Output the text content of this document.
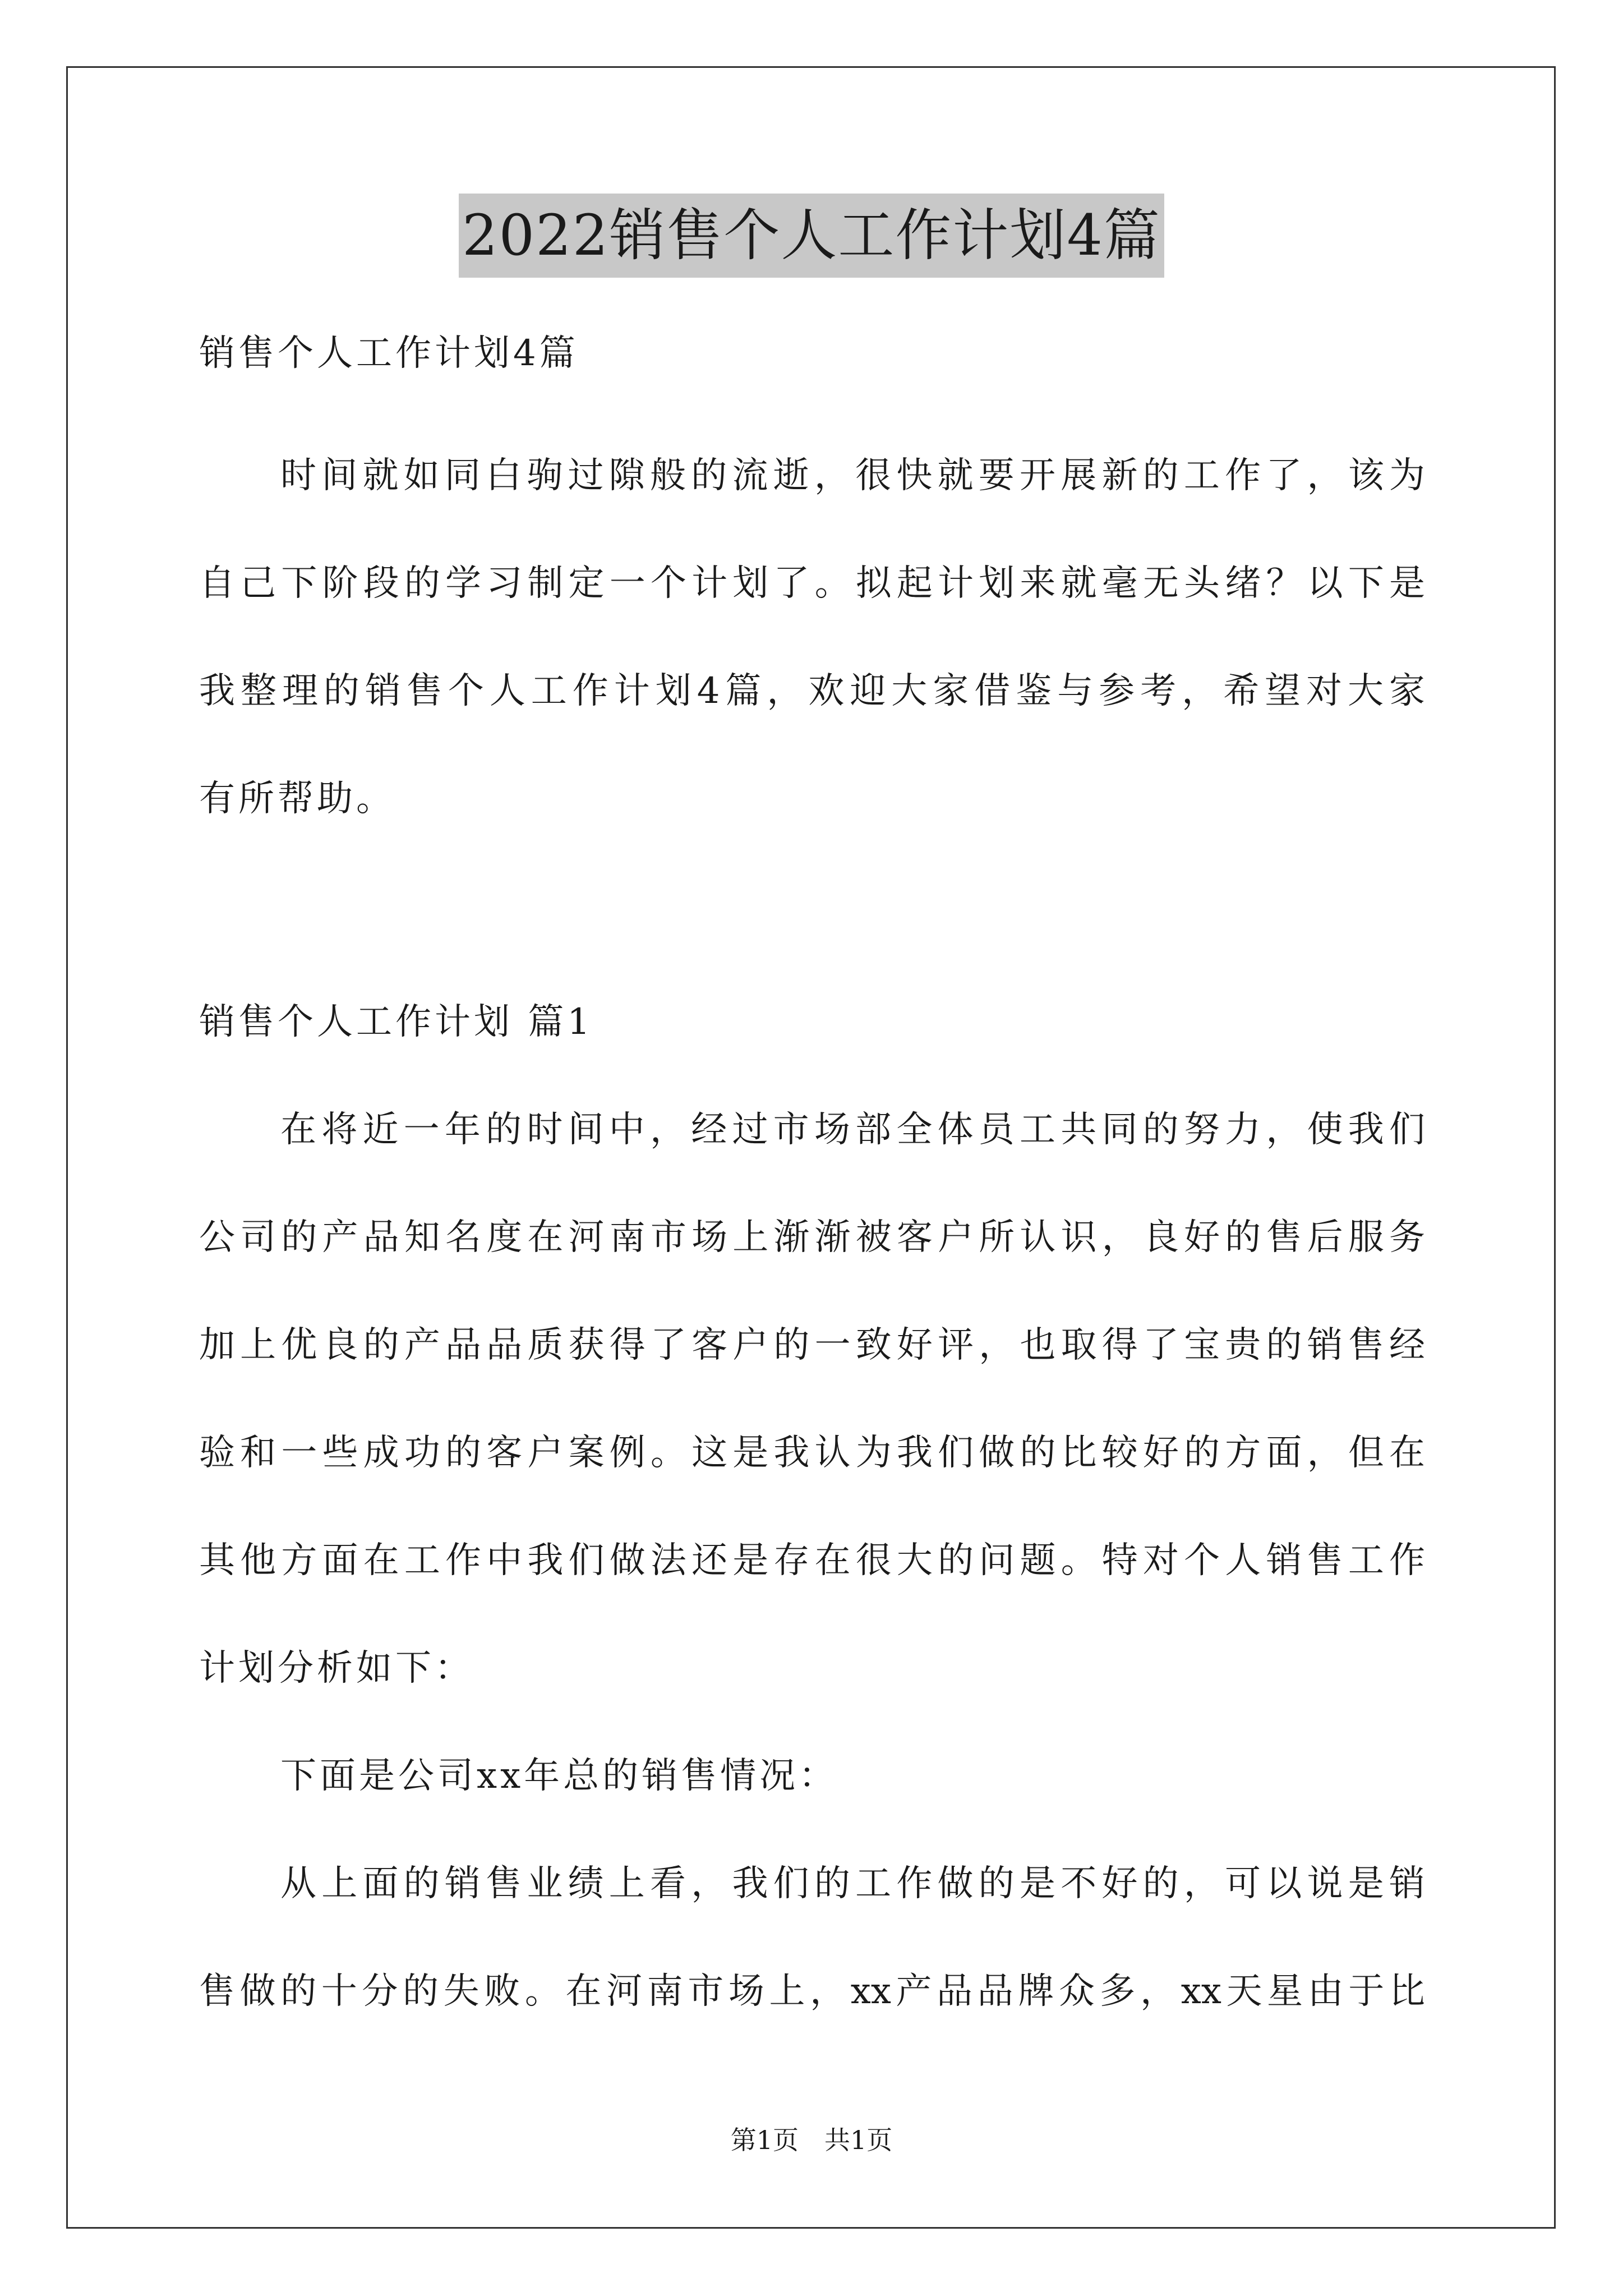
2022销售个人工作计划4篇

销售个人工作计划4篇

时间就如同白驹过隙般的流逝，很快就要开展新的工作了，该为

自己下阶段的学习制定一个计划了。拟起计划来就毫无头绪？以下是

我整理的销售个人工作计划4篇，欢迎大家借鉴与参考，希望对大家

有所帮助。

销售个人工作计划 篇1

在将近一年的时间中，经过市场部全体员工共同的努力，使我们

公司的产品知名度在河南市场上渐渐被客户所认识，良好的售后服务

加上优良的产品品质获得了客户的一致好评，也取得了宝贵的销售经

验和一些成功的客户案例。这是我认为我们做的比较好的方面，但在

其他方面在工作中我们做法还是存在很大的问题。特对个人销售工作

计划分析如下：

下面是公司xx年总的销售情况：

从上面的销售业绩上看，我们的工作做的是不好的，可以说是销

售做的十分的失败。在河南市场上，xx产品品牌众多，xx天星由于比

第1页　共1页
